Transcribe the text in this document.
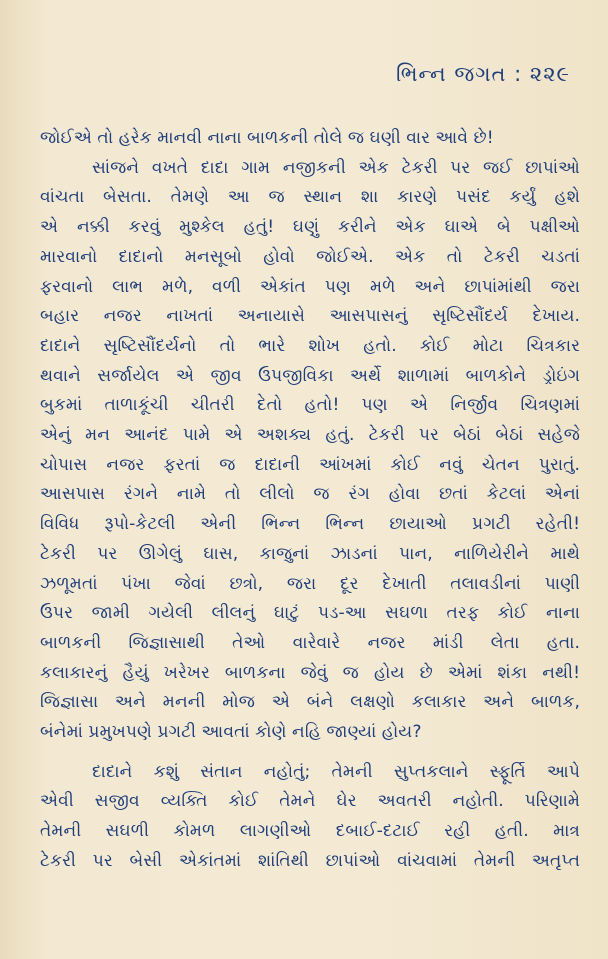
ભિન્ન જગત : ૨૨૯
જોઈએ તો હરેક માનવી નાના બાળકની તોલે જ ઘણી વાર આવે છે!
સાંજને વખતે દાદા ગામ નજીકની એક ટેકરી પર જઈ છાપાંઓ
વાંચતા બેસતા. તેમણે આ જ સ્થાન શા કારણે પસંદ કર્યું હશે
એ નક્કી કરવું મુશ્કેલ હતું! ઘણું કરીને એક ઘાએ બે પક્ષીઓ
મારવાનો દાદાનો મનસૂબો હોવો જોઈએ. એક તો ટેકરી ચડતાં
ફરવાનો લાભ મળે, વળી એકાંત પણ મળે અને છાપાંમાંથી જરા
બહાર નજર નાખતાં અનાયાસે આસપાસનું સૃષ્ટિસૌંદર્ય દેખાય.
દાદાને સૃષ્ટિસૌંદર્યનો તો ભારે શોખ હતો. કોઈ મોટા ચિત્રકાર
થવાને સર્જાયેલ એ જીવ ઉપજીવિકા અર્થે શાળામાં બાળકોને ડ્રોઇંગ
બુકમાં તાળાકૂંચી ચીતરી દેતો હતો! પણ એ નિર્જીવ ચિત્રણમાં
એનું મન આનંદ પામે એ અશક્ય હતું. ટેકરી પર બેઠાં બેઠાં સહેજે
ચોપાસ નજર ફરતાં જ દાદાની આંખમાં કોઈ નવું ચેતન પુરાતું.
આસપાસ રંગને નામે તો લીલો જ રંગ હોવા છતાં કેટલાં એનાં
વિવિધ રૂપો-કેટલી એની ભિન્ન ભિન્ન છાયાઓ પ્રગટી રહેતી!
ટેકરી પર ઊગેલું ઘાસ, કાજુનાં ઝાડનાં પાન, નાળિયેરીને માથે
ઝળૂમતાં પંખા જેવાં છત્રો, જરા દૂર દેખાતી તલાવડીનાં પાણી
ઉપર જામી ગયેલી લીલનું ઘાટું પડ-આ સઘળા તરફ કોઈ નાના
બાળકની જિજ્ઞાસાથી તેઓ વારેવારે નજર માંડી લેતા હતા.
કલાકારનું હૈયું ખરેખર બાળકના જેવું જ હોય છે એમાં શંકા નથી!
જિજ્ઞાસા અને મનની મોજ એ બંને લક્ષણો કલાકાર અને બાળક,
બંનેમાં પ્રમુખપણે પ્રગટી આવતાં કોણે નહિ જાણ્યાં હોય?
દાદાને કશું સંતાન નહોતું; તેમની સુપ્તકલાને સ્ફૂર્તિ આપે
એવી સજીવ વ્યક્તિ કોઈ તેમને ઘેર અવતરી નહોતી. પરિણામે
તેમની સઘળી કોમળ લાગણીઓ દબાઈ-દટાઈ રહી હતી. માત્ર
ટેકરી પર બેસી એકાંતમાં શાંતિથી છાપાંઓ વાંચવામાં તેમની અતૃપ્ત
